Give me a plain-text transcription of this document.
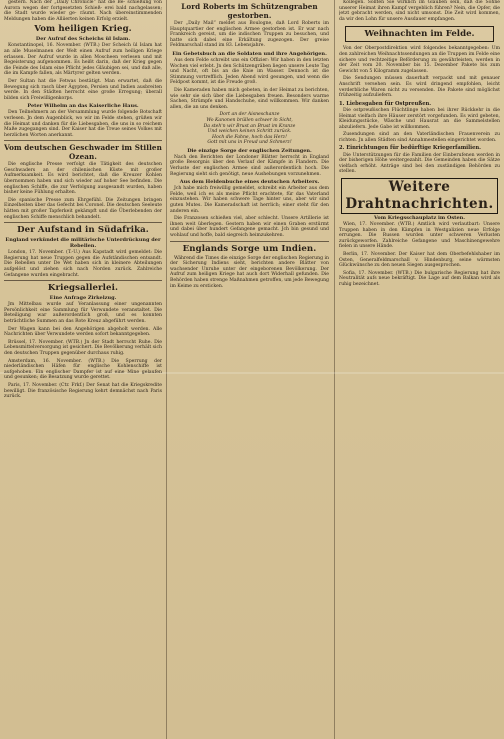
gestern. Nach der „Daily Chronicle“ hat die Be- schießung von Aurora wegen der fortgesetzten Schieß- erei bald nachgelassen; die Stadt wurde wieder ge- räumt. Nach übereinstimmenden Meldungen haben die Alliierten keinen Erfolg erzielt.

Vom heiligen Krieg.
Der Aufruf des Scheichs ül Islam.

Konstantinopel, 16. November. (WTB.) Der Scheich ül Islam hat an alle Muselmanen der Welt einen Aufruf zum heiligen Kriege erlassen. Der Aufruf wurde in allen Moscheen verlesen und mit Begeisterung aufgenommen. Es heißt darin, daß der Krieg gegen die Feinde des Islam eine Pflicht jedes Gläubigen sei, und daß alle, die im Kampfe fallen, als Märtyrer gelten werden.

Der Sultan hat die Fetwas bestätigt. Man erwartet, daß die Bewegung sich rasch über Ägypten, Persien und Indien ausbreiten werde. In den Städten herrscht eine große Erregung; überall bilden sich Freiwilligenkorps.

Peter Wilhelm an das Kaiserliche Haus.

Den Teilnehmern an der Versammlung wurde folgende Botschaft verlesen. Jn dem Augenblick, wo wir im Felde stehen, grüßen wir die Heimat und danken für die Liebesgaben, die uns in so reichem Maße zugegangen sind. Der Kaiser hat die Treue seines Volkes mit herzlichen Worten anerkannt.

Vom deutschen Geschwader im Stillen Ozean.

Die englische Presse verfolgt die Tätigkeit des deutschen Geschwaders an der chilenischen Küste mit großer Aufmerksamkeit. Es wird berichtet, daß die Kreuzer Kohlen übernommen haben und sich wieder auf hoher See befinden. Die englischen Schiffe, die zur Verfolgung ausgesandt wurden, haben bisher keine Fühlung erhalten.

Die spanische Presse zum Ehrgefühl. Die Zeitungen bringen Einzelheiten über das Gefecht bei Coronel. Die deutschen Seeleute hätten mit großer Tapferkeit gekämpft und die Überlebenden der englischen Schiffe menschlich behandelt.

Der Aufstand in Südafrika.
England verkündet die militärische Unterdrückung der Rebellen.

London, 17. November. (T.-U.) Aus Kapstadt wird gemeldet: Die Regierung hat neue Truppen gegen die Aufständischen entsandt. Die Rebellen unter De Wet haben sich in kleinere Abteilungen aufgelöst und ziehen sich nach Norden zurück. Zahlreiche Gefangene wurden eingebracht.

Kriegsallerlei.
Eine Anfrage Zirkelzug.

Jm Mittelbau wurde auf Veranlassung einer ungenannten Persönlichkeit eine Sammlung für Verwundete veranstaltet. Die Beteiligung war außerordentlich groß, und es konnten beträchtliche Summen an das Rote Kreuz abgeführt werden.

Der Wagen kann bei den Angehörigen abgeholt werden. Alle Nachrichten über Verwundete werden sofort bekanntgegeben.

Brüssel, 17. November. (WTB.) Jn der Stadt herrscht Ruhe. Die Lebensmittelversorgung ist gesichert. Die Bevölkerung verhält sich den deutschen Truppen gegenüber durchaus ruhig.

Amsterdam, 16. November. (WTB.) Die Sperrung der niederländischen Häfen für englische Kohlenschiffe ist aufgehoben. Ein englischer Dampfer ist auf eine Mine gelaufen und gesunken; die Besatzung wurde gerettet.

Paris, 17. November. (Ctr. Frkf.) Der Senat hat die Kriegskredite bewilligt. Die französische Regierung kehrt demnächst nach Paris zurück.

Lord Roberts im Schützengraben gestorben.

Der „Daily Mail“ meldet aus Boulogne, daß Lord Roberts im Hauptquartier der englischen Armee gestorben ist. Er war nach Frankreich gereist, um die indischen Truppen zu besuchen, und hatte sich dabei eine Erkältung zugezogen. Der greise Feldmarschall stand im 83. Lebensjahre.

Ein Gebetsbuch an die Soldaten und ihre Angehörigen.

Aus dem Felde schreibt uns ein Offizier: Wir haben in den letzten Wochen viel erlebt. Jn den Schützengräben liegen unsere Leute Tag und Nacht, oft bis an die Knie im Wasser. Dennoch ist die Stimmung vortrefflich. Jeden Abend wird gesungen, und wenn die Feldpost kommt, ist die Freude groß.

Die Kameraden haben mich gebeten, in der Heimat zu berichten, wie sehr sie sich über die Liebesgaben freuen. Besonders warme Sachen, Strümpfe und Handschuhe, sind willkommen. Wir danken allen, die an uns denken.

Dort an der Aisneschanze
Wo Kanonen brüllen schwer in Sicht,
Da steh'n wir Brust an Brust im Kranze
Und weichen keinen Schritt zurück.
Hoch die Fahne, hoch das Herz!
Gott mit uns in Freud und Schmerz!
Die einzige Sorge der englischen Zeitungen.

Nach den Berichten der Londoner Blätter herrscht in England große Besorgnis über den Verlauf der Kämpfe in Flandern. Die Verluste der englischen Armee sind außerordentlich hoch. Die Regierung sieht sich genötigt, neue Aushebungen vorzunehmen.

Aus dem Heldenbuche eines deutschen Arbeiters.

Jch habe mich freiwillig gemeldet, schreibt ein Arbeiter aus dem Felde, weil ich es als meine Pflicht erachtete, für das Vaterland einzustehen. Wir haben schwere Tage hinter uns, aber wir sind guten Mutes. Die Kameradschaft ist herrlich; einer steht für den anderen ein.

Die Franzosen schießen viel, aber schlecht. Unsere Artillerie ist ihnen weit überlegen. Gestern haben wir einen Graben erstürmt und dabei über hundert Gefangene gemacht. Jch bin gesund und wohlauf und hoffe, bald siegreich heimzukehren.

Englands Sorge um Indien.

Während die Times die einzige Sorge der englischen Regierung in der Sicherung Indiens sieht, berichten andere Blätter von wachsender Unruhe unter der eingeborenen Bevölkerung. Der Aufruf zum heiligen Kriege hat auch dort Widerhall gefunden. Die Behörden haben strenge Maßnahmen getroffen, um jede Bewegung im Keime zu ersticken.

Kollegen. Sollten Sie wirklich im Glauben sein, daß die Söhne unserer Heimat ihren Kampf vergeblich führen? Nein, die Opfer, die jetzt gebracht werden, sind nicht umsonst. Die Zeit wird kommen, da wir den Lohn für unsere Ausdauer empfangen.

Weihnachten im Felde.

Von der Oberpostdirektion wird folgendes bekanntgegeben: Um den zahlreichen Weihnachtssendungen an die Truppen im Felde eine sichere und rechtzeitige Beförderung zu gewährleisten, werden in der Zeit vom 20. November bis 15. Dezember Pakete bis zum Gewicht von 5 Kilogramm zugelassen.

Die Sendungen müssen dauerhaft verpackt und mit genauer Anschrift versehen sein. Es wird dringend empfohlen, leicht verderbliche Waren nicht zu versenden. Die Pakete sind möglichst frühzeitig aufzuliefern.

1. Liebesgaben für Ostpreußen.

Die ostpreußischen Flüchtlinge haben bei ihrer Rückkehr in die Heimat vielfach ihre Häuser zerstört vorgefunden. Es wird gebeten, Kleidungsstücke, Wäsche und Hausrat an die Sammelstellen abzuliefern. Jede Gabe ist willkommen.

Zusendungen sind an den Vaterländischen Frauenverein zu richten. Jn allen Städten sind Annahmestellen eingerichtet worden.

2. Einrichtungen für bedürftige Kriegerfamilien.

Die Unterstützungen für die Familien der Einberufenen werden in der bisherigen Höhe weitergezahlt. Die Gemeinden haben die Sätze vielfach erhöht. Anträge sind bei den zuständigen Behörden zu stellen.

Weitere Drahtnachrichten.
Vom Kriegsschauplatz im Osten.

Wien, 17. November. (WTB.) Amtlich wird verlautbart: Unsere Truppen haben in den Kämpfen in Westgalizien neue Erfolge errungen. Die Russen wurden unter schweren Verlusten zurückgeworfen. Zahlreiche Gefangene und Maschinengewehre fielen in unsere Hände.

Berlin, 17. November. Der Kaiser hat dem Oberbefehlshaber im Osten, Generalfeldmarschall v. Hindenburg, seine wärmsten Glückwünsche zu den neuen Siegen ausgesprochen.

Sofia, 17. November. (WTB.) Die bulgarische Regierung hat ihre Neutralität aufs neue bekräftigt. Die Lage auf dem Balkan wird als ruhig bezeichnet.
